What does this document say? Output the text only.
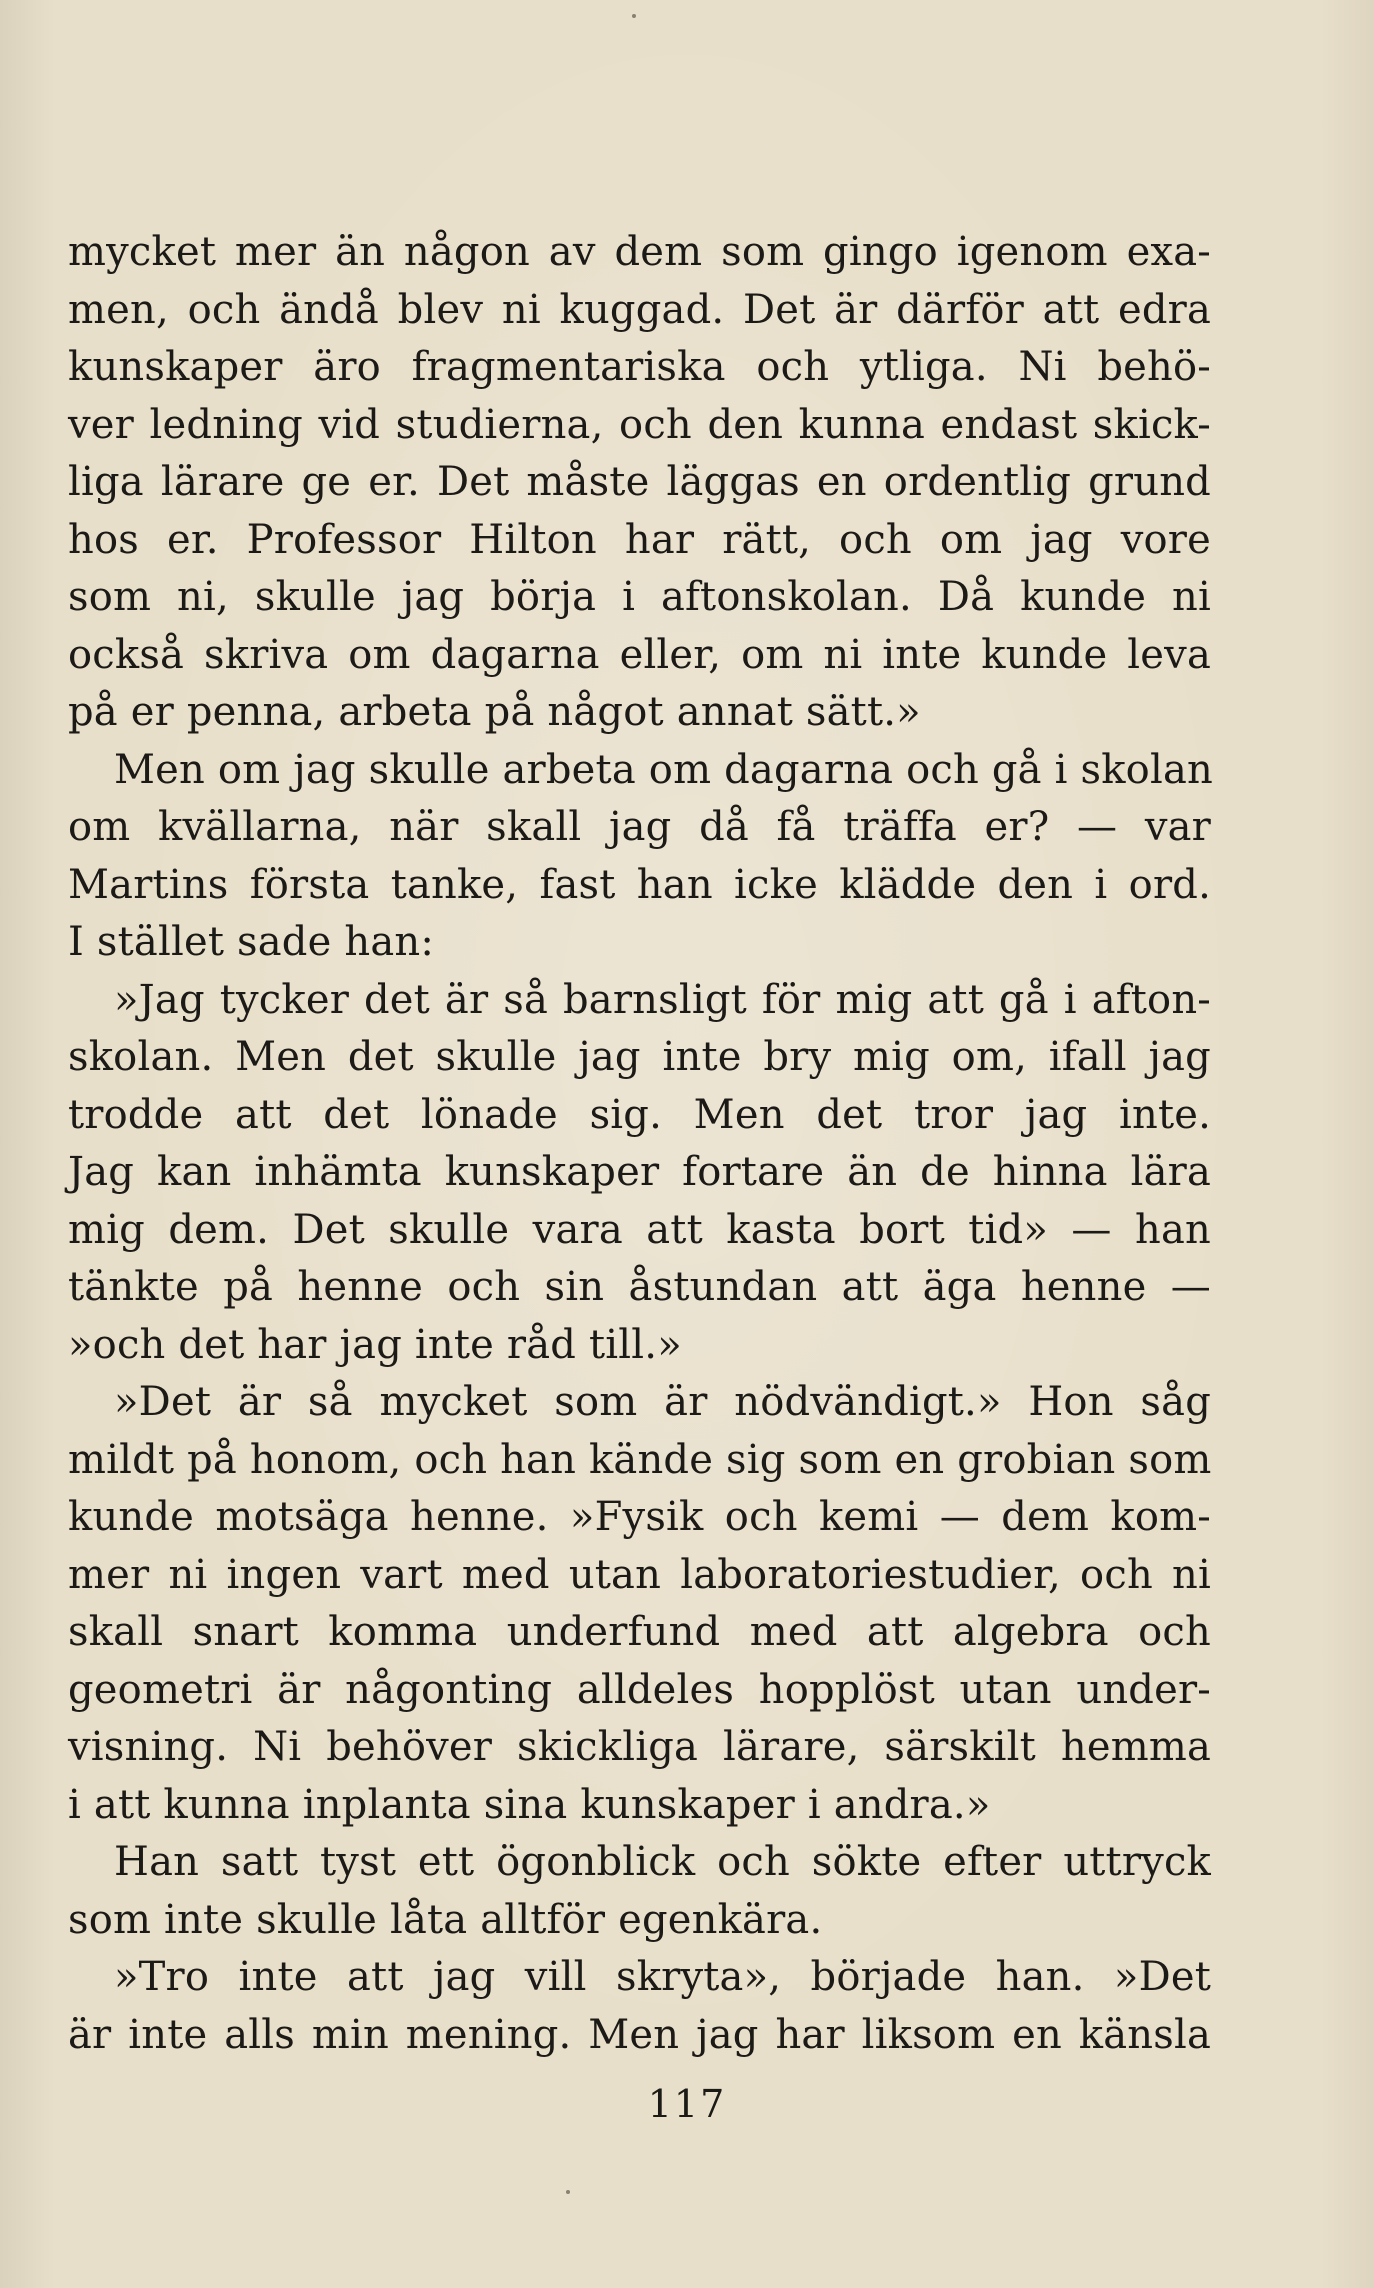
mycket mer än någon av dem som gingo igenom exa-
men, och ändå blev ni kuggad. Det är därför att edra
kunskaper äro fragmentariska och ytliga. Ni behö-
ver ledning vid studierna, och den kunna endast skick-
liga lärare ge er. Det måste läggas en ordentlig grund
hos er. Professor Hilton har rätt, och om jag vore
som ni, skulle jag börja i aftonskolan. Då kunde ni
också skriva om dagarna eller, om ni inte kunde leva
på er penna, arbeta på något annat sätt.»
Men om jag skulle arbeta om dagarna och gå i skolan
om kvällarna, när skall jag då få träffa er? — var
Martins första tanke, fast han icke klädde den i ord.
I stället sade han:
»Jag tycker det är så barnsligt för mig att gå i afton-
skolan. Men det skulle jag inte bry mig om, ifall jag
trodde att det lönade sig. Men det tror jag inte.
Jag kan inhämta kunskaper fortare än de hinna lära
mig dem. Det skulle vara att kasta bort tid» — han
tänkte på henne och sin åstundan att äga henne —
»och det har jag inte råd till.»
»Det är så mycket som är nödvändigt.» Hon såg
mildt på honom, och han kände sig som en grobian som
kunde motsäga henne. »Fysik och kemi — dem kom-
mer ni ingen vart med utan laboratoriestudier, och ni
skall snart komma underfund med att algebra och
geometri är någonting alldeles hopplöst utan under-
visning. Ni behöver skickliga lärare, särskilt hemma
i att kunna inplanta sina kunskaper i andra.»
Han satt tyst ett ögonblick och sökte efter uttryck
som inte skulle låta alltför egenkära.
»Tro inte att jag vill skryta», började han. »Det
är inte alls min mening. Men jag har liksom en känsla
117
